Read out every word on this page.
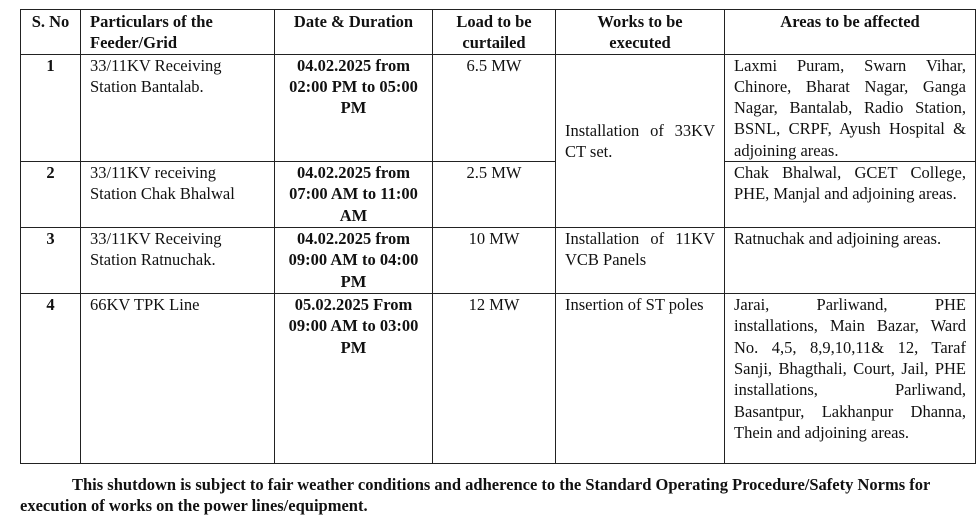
S. No	Particulars of the Feeder/Grid	Date & Duration	Load to be curtailed	Works to be executed	Areas to be affected
1	33/11KV Receiving Station Bantalab.	04.02.2025 from 02:00 PM to 05:00 PM	6.5 MW	Installation of 33KV CT set.	Laxmi Puram, Swarn Vihar, Chinore, Bharat Nagar, Ganga Nagar, Bantalab, Radio Station, BSNL, CRPF, Ayush Hospital & adjoining areas.
2	33/11KV receiving Station Chak Bhalwal	04.02.2025 from 07:00 AM to 11:00 AM	2.5 MW		Chak Bhalwal, GCET College, PHE, Manjal and adjoining areas.
3	33/11KV Receiving Station Ratnuchak.	04.02.2025 from 09:00 AM to 04:00 PM	10 MW	Installation of 11KV VCB Panels	Ratnuchak and adjoining areas.
4	66KV TPK Line	05.02.2025 From 09:00 AM to 03:00 PM	12 MW	Insertion of ST poles	Jarai, Parliwand, PHE installations, Main Bazar, Ward No. 4,5, 8,9,10,11& 12, Taraf Sanji, Bhagthali, Court, Jail, PHE installations, Parliwand, Basantpur, Lakhanpur Dhanna, Thein and adjoining areas.
This shutdown is subject to fair weather conditions and adherence to the Standard Operating Procedure/Safety Norms for execution of works on the power lines/equipment.
